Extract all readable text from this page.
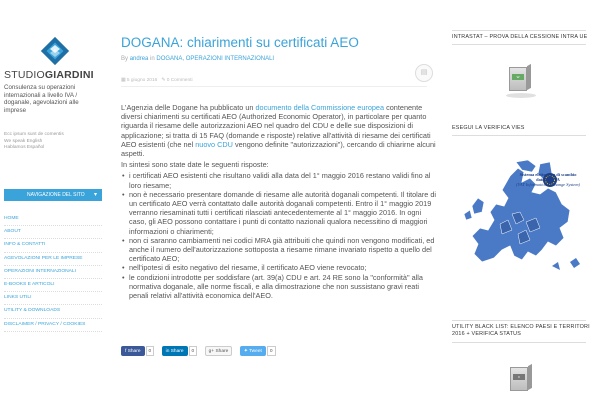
STUDIOGIARDINI
Consulenza su operazioni internazionali a livello IVA / doganale, agevolazioni alle imprese
Ecc ipsum sunt de comentis
We speak English
Hablamos Español
NAVIGAZIONE DEL SITO ▾
HOME
ABOUT
INFO & CONTATTI
AGEVOLAZIONI PER LE IMPRESE
OPERAZIONI INTERNAZIONALI
E-BOOKS E ARTICOLI
LINKS UTILI
UTILITY & DOWNLOADS
DISCLAIMER / PRIVACY / COOKIES
DOGANA: chiarimenti su certificati AEO
By andrea in DOGANA, OPERAZIONI INTERNAZIONALI
▤
▦ 5 giugno 2016 ✎ 0 Commenti

L'Agenzia delle Dogane ha pubblicato un documento della Commissione europea contenente diversi chiarimenti su certificati AEO (Authorized Economic Operator), in particolare per quanto riguarda il riesame delle autorizzazioni AEO nel quadro del CDU e delle sue disposizioni di applicazione; si tratta di 15 FAQ (domande e risposte) relative all'attività di riesame dei certificati AEO esistenti (che nel nuovo CDU vengono definite "autorizzazioni"), cercando di chiarirne alcuni aspetti.

In sintesi sono state date le seguenti risposte:

• i certificati AEO esistenti che risultano validi alla data del 1° maggio 2016 restano validi fino al loro riesame;
• non è necessario presentare domande di riesame alle autorità doganali competenti. Il titolare di un certificato AEO verrà contattato dalle autorità doganali competenti. Entro il 1° maggio 2019 verranno riesaminati tutti i certificati rilasciati antecedentemente al 1° maggio 2016. In ogni caso, gli AEO possono contattare i punti di contatto nazionali qualora necessitino di maggiori informazioni o chiarimenti;
• non ci saranno cambiamenti nei codici MRA già attribuiti che quindi non vengono modificati, ed anche il numero dell'autorizzazione sottoposta a riesame rimane invariato rispetto a quello del certificato AEO;
• nell'ipotesi di esito negativo del riesame, il certificato AEO viene revocato;
• le condizioni introdotte per soddisfare (art. 39(a) CDU e art. 24 RE sono la "conformità" alla normativa doganale, alle norme fiscali, e alla dimostrazione che non sussistano gravi reati penali relativi all'attività economica dell'AEO.
f Share 0	in Share 0	g+ Share	✦ Tweet 0
INTRASTAT – PROVA DELLA CESSIONE INTRA UE
W
ESEGUI LA VERIFICA VIES
Sistema elettronico di scambio dati sull'IVA
(VAT Information Exchange System)
UTILITY BLACK LIST: ELENCO PAESI E TERRITORI 2016 + VERIFICA STATUS
≡
